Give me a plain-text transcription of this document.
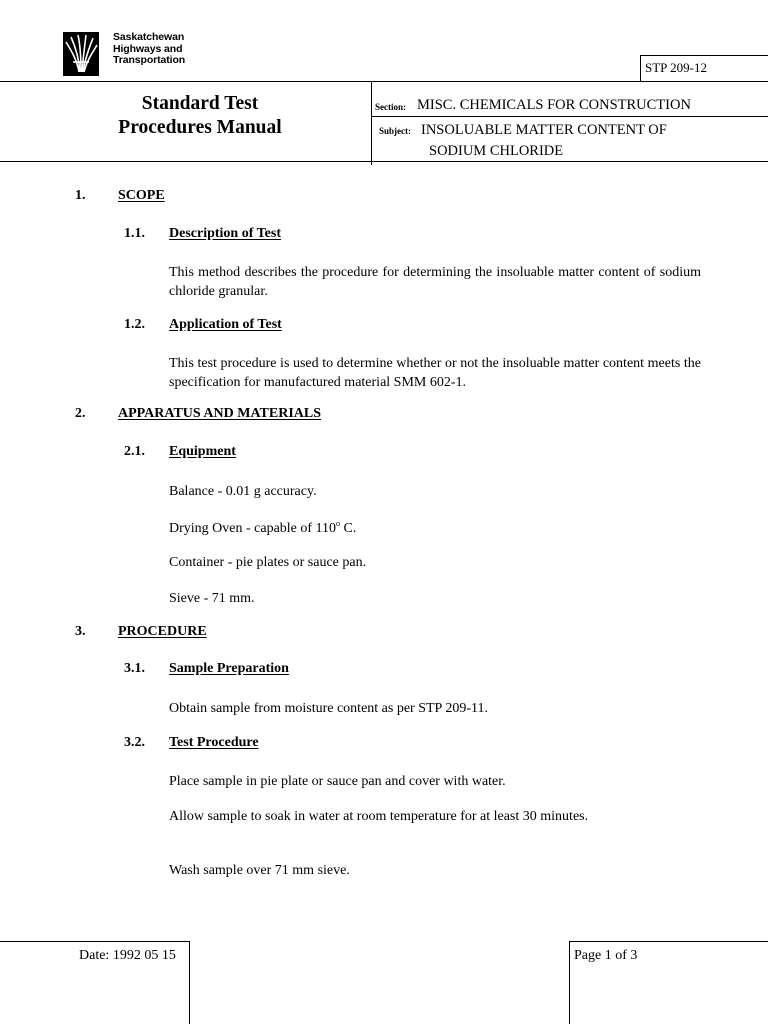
Saskatchewan
Highways and
Transportation	STP 209-12
Standard Test
Procedures Manual
Section: MISC. CHEMICALS FOR CONSTRUCTION
Subject: INSOLUABLE MATTER CONTENT OF
SODIUM CHLORIDE
1. SCOPE
1.1. Description of Test
This method describes the procedure for determining the insoluable matter content of sodium chloride granular.
1.2. Application of Test
This test procedure is used to determine whether or not the insoluable matter content meets the specification for manufactured material SMM 602-1.
2. APPARATUS AND MATERIALS
2.1. Equipment
Balance - 0.01 g accuracy.
Drying Oven - capable of 110$^o$ C.
Container - pie plates or sauce pan.
Sieve - 71 mm.
3. PROCEDURE
3.1. Sample Preparation
Obtain sample from moisture content as per STP 209-11.
3.2. Test Procedure
Place sample in pie plate or sauce pan and cover with water.
Allow sample to soak in water at room temperature for at least 30 minutes.
Wash sample over 71 mm sieve.
Date: 1992 05 15	Page 1 of 3
